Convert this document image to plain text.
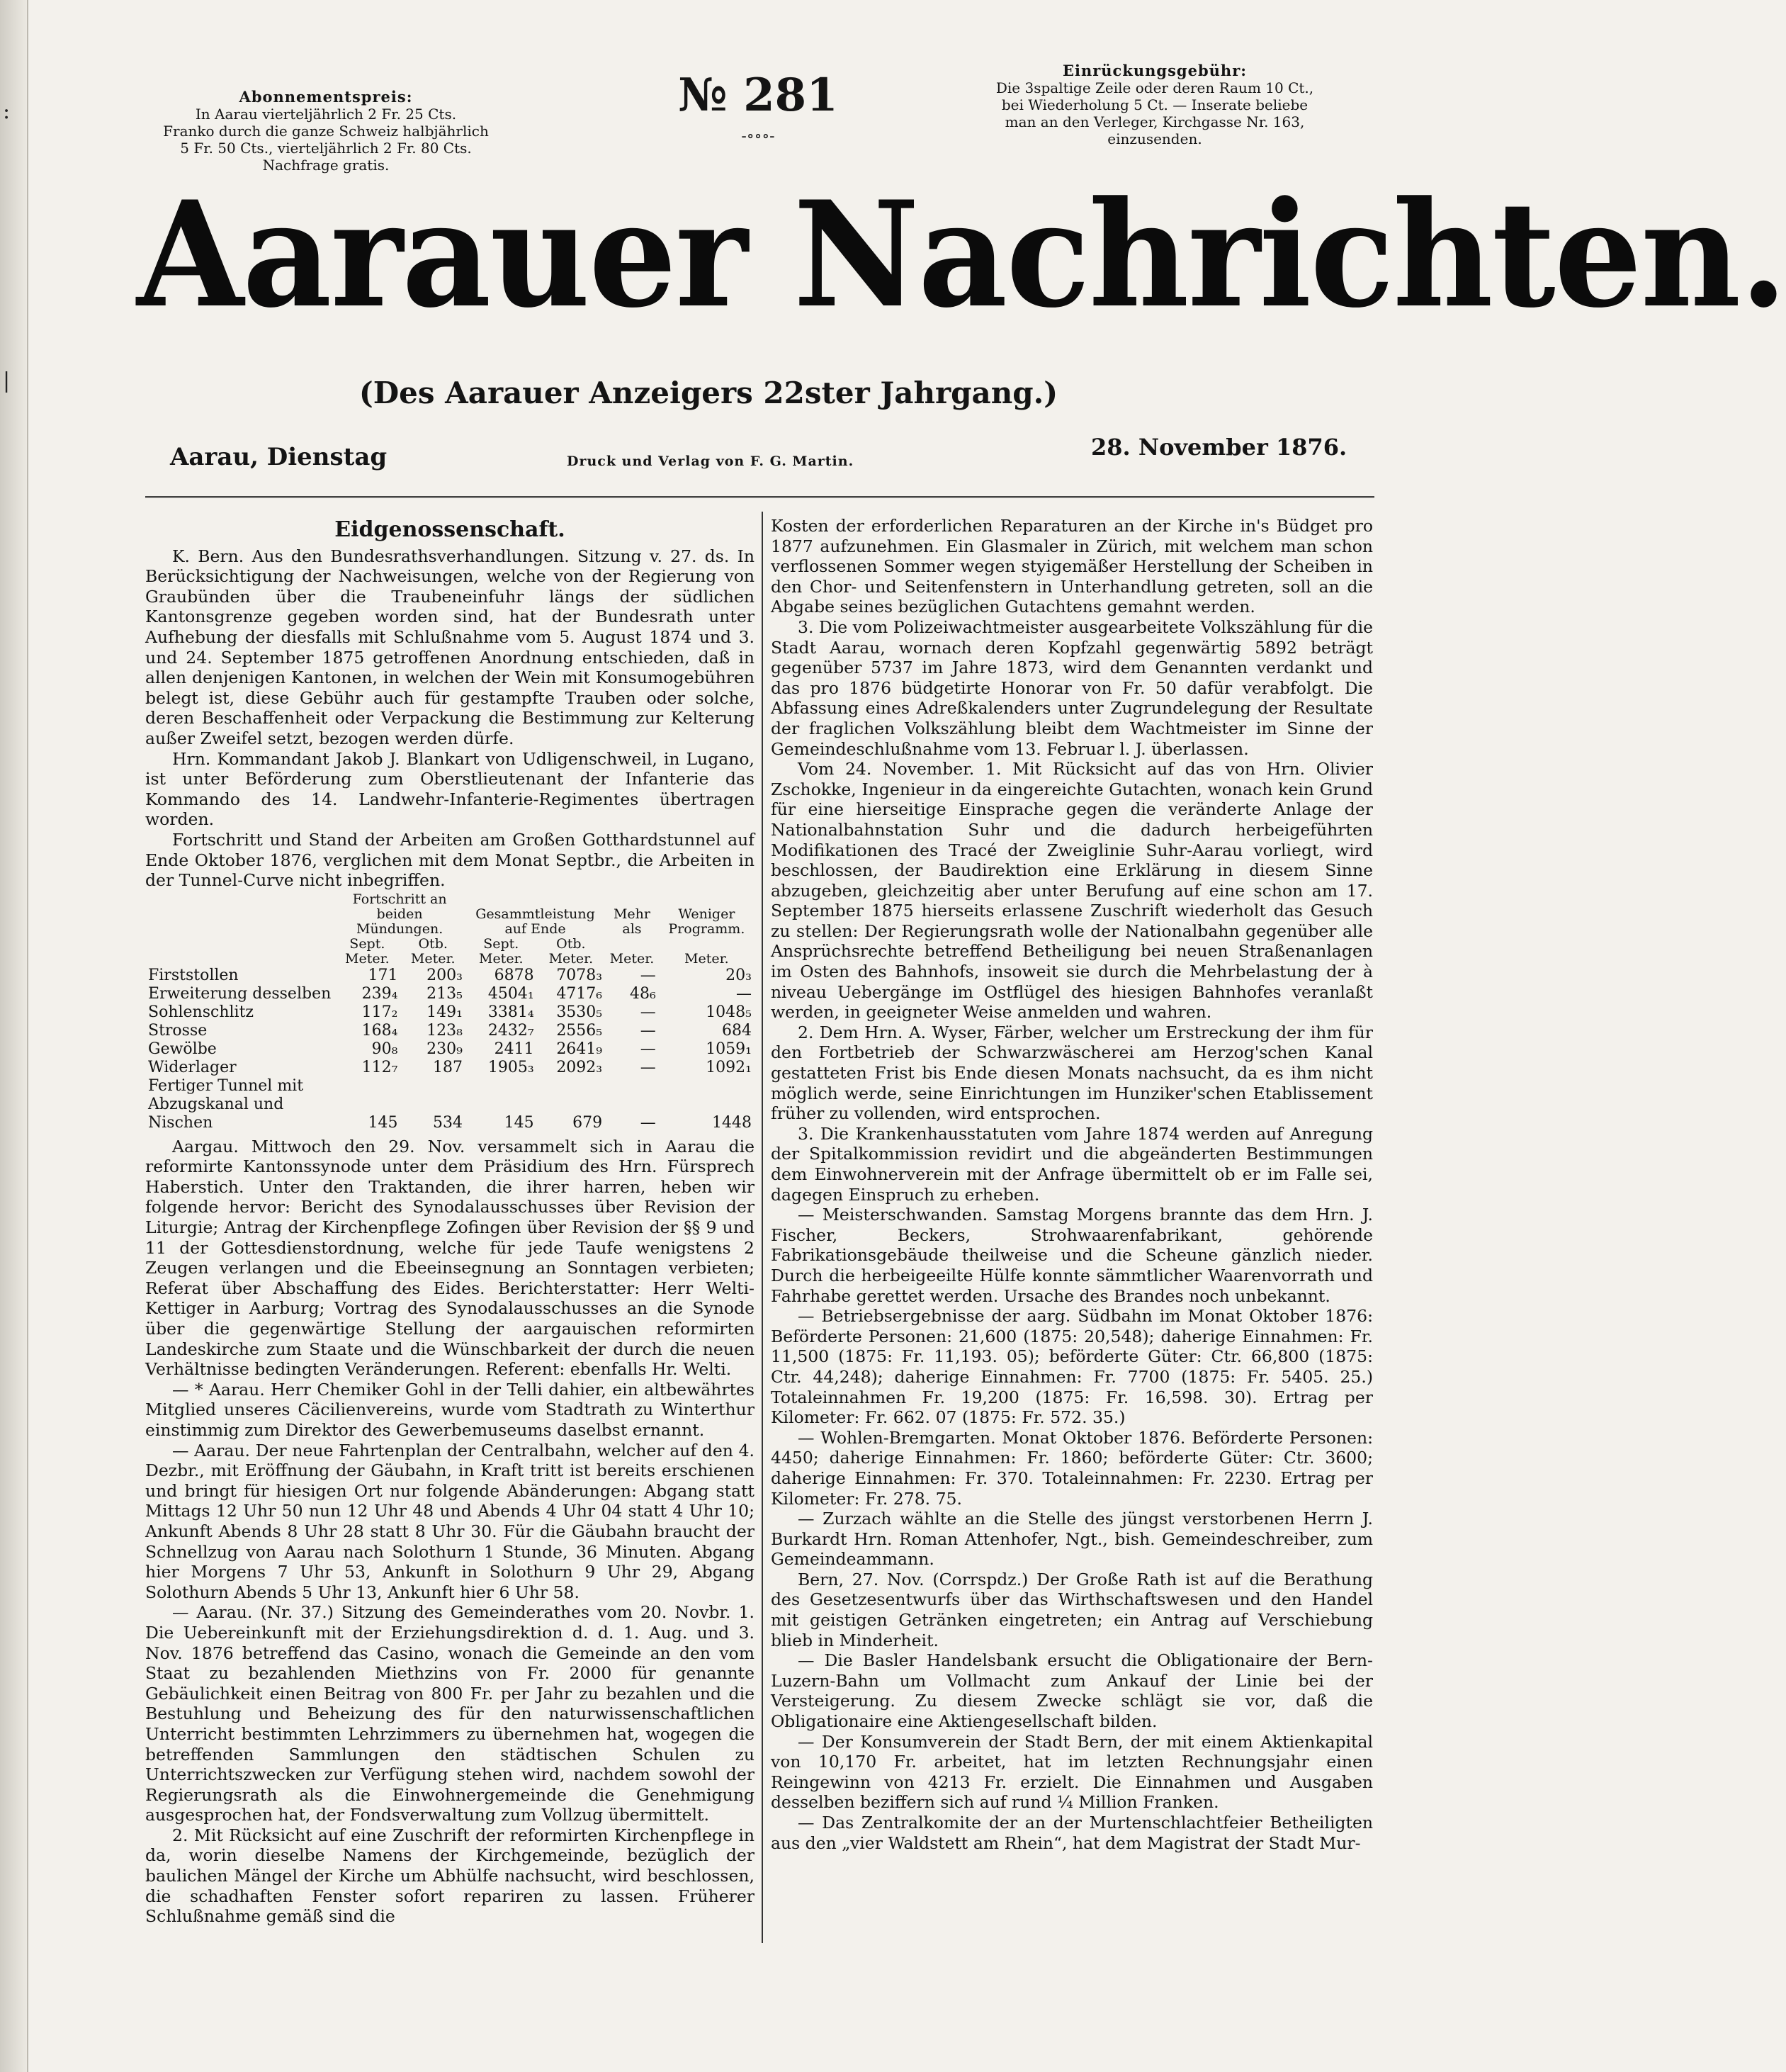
:
|
Abonnementspreis:
In Aarau vierteljährlich 2 Fr. 25 Cts.
Franko durch die ganze Schweiz halbjährlich
5 Fr. 50 Cts., vierteljährlich 2 Fr. 80 Cts.
Nachfrage gratis.
№ 281
-∘∘∘-
Einrückungsgebühr:
Die 3spaltige Zeile oder deren Raum 10 Ct.,
bei Wiederholung 5 Ct. — Inserate beliebe
man an den Verleger, Kirchgasse Nr. 163,
einzusenden.
Aarauer Nachrichten.
(Des Aarauer Anzeigers 22ster Jahrgang.)
Aarau, Dienstag	Druck und Verlag von F. G. Martin.
28. November 1876.
Eidgenossenschaft.

K. Bern. Aus den Bundesrathsverhandlungen. Sitzung v. 27. ds. In Berücksichtigung der Nachweisungen, welche von der Regierung von Graubünden über die Traubeneinfuhr längs der südlichen Kantonsgrenze gegeben worden sind, hat der Bundesrath unter Aufhebung der diesfalls mit Schlußnahme vom 5. August 1874 und 3. und 24. September 1875 getroffenen Anordnung entschieden, daß in allen denjenigen Kantonen, in welchen der Wein mit Konsumogebühren belegt ist, diese Gebühr auch für gestampfte Trauben oder solche, deren Beschaffenheit oder Verpackung die Bestimmung zur Kelterung außer Zweifel setzt, bezogen werden dürfe.

Hrn. Kommandant Jakob J. Blankart von Udligenschweil, in Lugano, ist unter Beförderung zum Oberstlieutenant der Infanterie das Kommando des 14. Landwehr-Infanterie-Regimentes übertragen worden.

Fortschritt und Stand der Arbeiten am Großen Gotthardstunnel auf Ende Oktober 1876, verglichen mit dem Monat Septbr., die Arbeiten in der Tunnel-Curve nicht inbegriffen.

	Fortschritt an beiden Mündungen.		Gesammtleistung auf Ende		Mehr als	Weniger Programm.
	Sept. Meter.	Otb. Meter.	Sept. Meter.	Otb. Meter.	Meter.	Meter.
Firststollen	171	200₃	6878	7078₃	—	20₃
Erweiterung desselben	239₄	213₅	4504₁	4717₆	48₆	—
Sohlenschlitz	117₂	149₁	3381₄	3530₅	—	1048₅
Strosse	168₄	123₈	2432₇	2556₅	—	684
Gewölbe	90₈	230₉	2411	2641₉	—	1059₁
Widerlager	112₇	187	1905₃	2092₃	—	1092₁
Fertiger Tunnel mit Abzugskanal und Nischen	145	534	145	679	—	1448

Aargau. Mittwoch den 29. Nov. versammelt sich in Aarau die reformirte Kantonssynode unter dem Präsidium des Hrn. Fürsprech Haberstich. Unter den Traktanden, die ihrer harren, heben wir folgende hervor: Bericht des Synodalausschusses über Revision der Liturgie; Antrag der Kirchenpflege Zofingen über Revision der §§ 9 und 11 der Gottesdienstordnung, welche für jede Taufe wenigstens 2 Zeugen verlangen und die Ebeeinsegnung an Sonntagen verbieten; Referat über Abschaffung des Eides. Berichterstatter: Herr Welti-Kettiger in Aarburg; Vortrag des Synodalausschusses an die Synode über die gegenwärtige Stellung der aargauischen reformirten Landeskirche zum Staate und die Wünschbarkeit der durch die neuen Verhältnisse bedingten Veränderungen. Referent: ebenfalls Hr. Welti.

— * Aarau. Herr Chemiker Gohl in der Telli dahier, ein altbewährtes Mitglied unseres Cäcilienvereins, wurde vom Stadtrath zu Winterthur einstimmig zum Direktor des Gewerbemuseums daselbst ernannt.

— Aarau. Der neue Fahrtenplan der Centralbahn, welcher auf den 4. Dezbr., mit Eröffnung der Gäubahn, in Kraft tritt ist bereits erschienen und bringt für hiesigen Ort nur folgende Abänderungen: Abgang statt Mittags 12 Uhr 50 nun 12 Uhr 48 und Abends 4 Uhr 04 statt 4 Uhr 10; Ankunft Abends 8 Uhr 28 statt 8 Uhr 30. Für die Gäubahn braucht der Schnellzug von Aarau nach Solothurn 1 Stunde, 36 Minuten. Abgang hier Morgens 7 Uhr 53, Ankunft in Solothurn 9 Uhr 29, Abgang Solothurn Abends 5 Uhr 13, Ankunft hier 6 Uhr 58.

— Aarau. (Nr. 37.) Sitzung des Gemeinderathes vom 20. Novbr. 1. Die Uebereinkunft mit der Erziehungsdirektion d. d. 1. Aug. und 3. Nov. 1876 betreffend das Casino, wonach die Gemeinde an den vom Staat zu bezahlenden Miethzins von Fr. 2000 für genannte Gebäulichkeit einen Beitrag von 800 Fr. per Jahr zu bezahlen und die Bestuhlung und Beheizung des für den naturwissenschaftlichen Unterricht bestimmten Lehrzimmers zu übernehmen hat, wogegen die betreffenden Sammlungen den städtischen Schulen zu Unterrichtszwecken zur Verfügung stehen wird, nachdem sowohl der Regierungsrath als die Einwohnergemeinde die Genehmigung ausgesprochen hat, der Fondsverwaltung zum Vollzug übermittelt.

2. Mit Rücksicht auf eine Zuschrift der reformirten Kirchenpflege in da, worin dieselbe Namens der Kirchgemeinde, bezüglich der baulichen Mängel der Kirche um Abhülfe nachsucht, wird beschlossen, die schadhaften Fenster sofort repariren zu lassen. Früherer Schlußnahme gemäß sind die

Kosten der erforderlichen Reparaturen an der Kirche in's Büdget pro 1877 aufzunehmen. Ein Glasmaler in Zürich, mit welchem man schon verflossenen Sommer wegen styigemäßer Herstellung der Scheiben in den Chor- und Seitenfenstern in Unterhandlung getreten, soll an die Abgabe seines bezüglichen Gutachtens gemahnt werden.

3. Die vom Polizeiwachtmeister ausgearbeitete Volkszählung für die Stadt Aarau, wornach deren Kopfzahl gegenwärtig 5892 beträgt gegenüber 5737 im Jahre 1873, wird dem Genannten verdankt und das pro 1876 büdgetirte Honorar von Fr. 50 dafür verabfolgt. Die Abfassung eines Adreßkalenders unter Zugrundelegung der Resultate der fraglichen Volkszählung bleibt dem Wachtmeister im Sinne der Gemeindeschlußnahme vom 13. Februar l. J. überlassen.

Vom 24. November. 1. Mit Rücksicht auf das von Hrn. Olivier Zschokke, Ingenieur in da eingereichte Gutachten, wonach kein Grund für eine hierseitige Einsprache gegen die veränderte Anlage der Nationalbahnstation Suhr und die dadurch herbeigeführten Modifikationen des Tracé der Zweiglinie Suhr-Aarau vorliegt, wird beschlossen, der Baudirektion eine Erklärung in diesem Sinne abzugeben, gleichzeitig aber unter Berufung auf eine schon am 17. September 1875 hierseits erlassene Zuschrift wiederholt das Gesuch zu stellen: Der Regierungsrath wolle der Nationalbahn gegenüber alle Ansprüchsrechte betreffend Betheiligung bei neuen Straßenanlagen im Osten des Bahnhofs, insoweit sie durch die Mehrbelastung der à niveau Uebergänge im Ostflügel des hiesigen Bahnhofes veranlaßt werden, in geeigneter Weise anmelden und wahren.

2. Dem Hrn. A. Wyser, Färber, welcher um Erstreckung der ihm für den Fortbetrieb der Schwarzwäscherei am Herzog'schen Kanal gestatteten Frist bis Ende diesen Monats nachsucht, da es ihm nicht möglich werde, seine Einrichtungen im Hunziker'schen Etablissement früher zu vollenden, wird entsprochen.

3. Die Krankenhausstatuten vom Jahre 1874 werden auf Anregung der Spitalkommission revidirt und die abgeänderten Bestimmungen dem Einwohnerverein mit der Anfrage übermittelt ob er im Falle sei, dagegen Einspruch zu erheben.

— Meisterschwanden. Samstag Morgens brannte das dem Hrn. J. Fischer, Beckers, Strohwaarenfabrikant, gehörende Fabrikationsgebäude theilweise und die Scheune gänzlich nieder. Durch die herbeigeeilte Hülfe konnte sämmtlicher Waarenvorrath und Fahrhabe gerettet werden. Ursache des Brandes noch unbekannt.

— Betriebsergebnisse der aarg. Südbahn im Monat Oktober 1876: Beförderte Personen: 21,600 (1875: 20,548); daherige Einnahmen: Fr. 11,500 (1875: Fr. 11,193. 05); beförderte Güter: Ctr. 66,800 (1875: Ctr. 44,248); daherige Einnahmen: Fr. 7700 (1875: Fr. 5405. 25.) Totaleinnahmen Fr. 19,200 (1875: Fr. 16,598. 30). Ertrag per Kilometer: Fr. 662. 07 (1875: Fr. 572. 35.)

— Wohlen-Bremgarten. Monat Oktober 1876. Beförderte Personen: 4450; daherige Einnahmen: Fr. 1860; beförderte Güter: Ctr. 3600; daherige Einnahmen: Fr. 370. Totaleinnahmen: Fr. 2230. Ertrag per Kilometer: Fr. 278. 75.

— Zurzach wählte an die Stelle des jüngst verstorbenen Herrn J. Burkardt Hrn. Roman Attenhofer, Ngt., bish. Gemeindeschreiber, zum Gemeindeammann.

Bern, 27. Nov. (Corrspdz.) Der Große Rath ist auf die Berathung des Gesetzesentwurfs über das Wirthschaftswesen und den Handel mit geistigen Getränken eingetreten; ein Antrag auf Verschiebung blieb in Minderheit.

— Die Basler Handelsbank ersucht die Obligationaire der Bern-Luzern-Bahn um Vollmacht zum Ankauf der Linie bei der Versteigerung. Zu diesem Zwecke schlägt sie vor, daß die Obligationaire eine Aktiengesellschaft bilden.

— Der Konsumverein der Stadt Bern, der mit einem Aktienkapital von 10,170 Fr. arbeitet, hat im letzten Rechnungsjahr einen Reingewinn von 4213 Fr. erzielt. Die Einnahmen und Ausgaben desselben beziffern sich auf rund ¼ Million Franken.

— Das Zentralkomite der an der Murtenschlachtfeier Betheiligten aus den „vier Waldstett am Rhein“, hat dem Magistrat der Stadt Mur-
